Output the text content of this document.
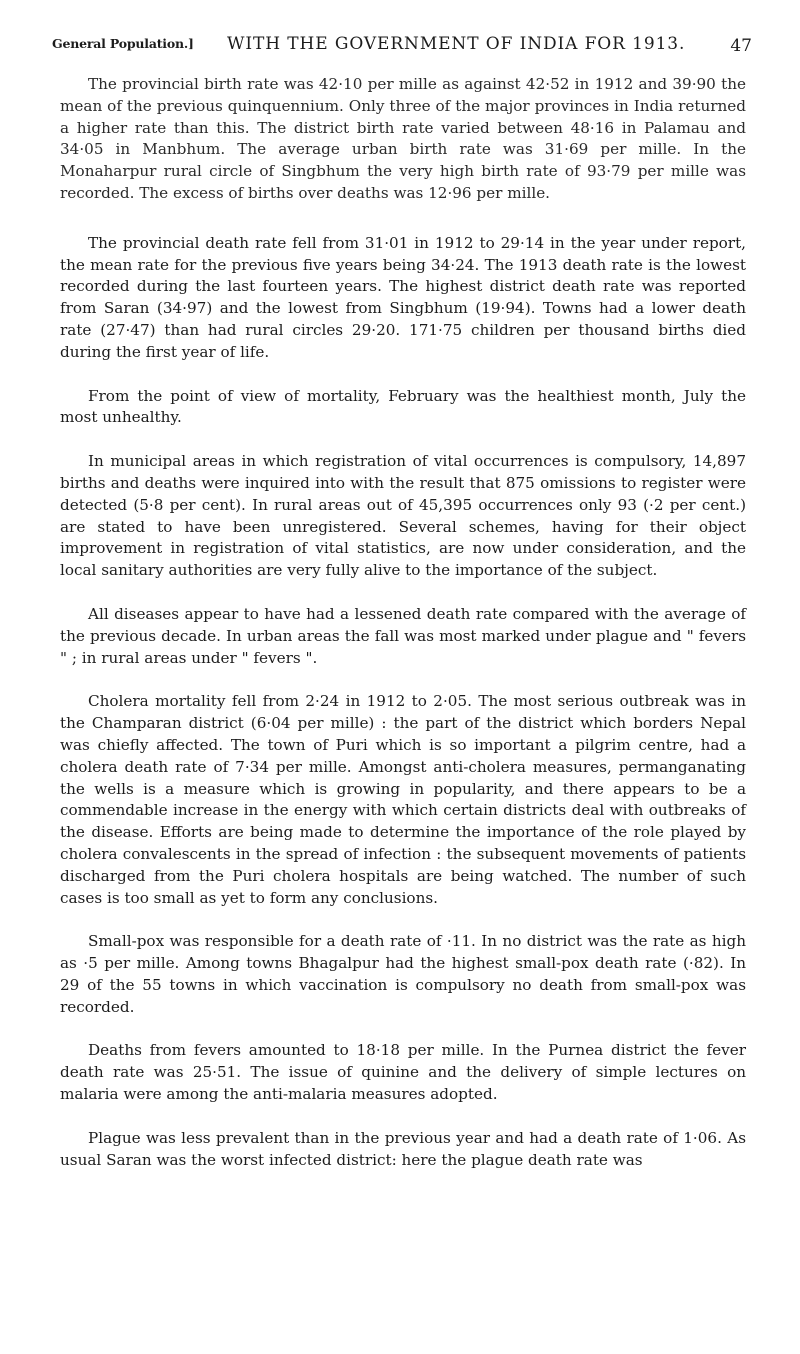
General Population.] WITH THE GOVERNMENT OF INDIA FOR 1913.	47

The provincial birth rate was 42·10 per mille as against 42·52 in 1912 and 39·90 the mean of the previous quinquennium. Only three of the major provinces in India returned a higher rate than this. The district birth rate varied between 48·16 in Palamau and 34·05 in Manbhum. The average urban birth rate was 31·69 per mille. In the Monaharpur rural circle of Singbhum the very high birth rate of 93·79 per mille was recorded. The excess of births over deaths was 12·96 per mille.

The provincial death rate fell from 31·01 in 1912 to 29·14 in the year under report, the mean rate for the previous five years being 34·24. The 1913 death rate is the lowest recorded during the last fourteen years. The highest district death rate was reported from Saran (34·97) and the lowest from Singbhum (19·94). Towns had a lower death rate (27·47) than had rural circles 29·20. 171·75 children per thousand births died during the first year of life.

From the point of view of mortality, February was the healthiest month, July the most unhealthy.

In municipal areas in which registration of vital occurrences is compulsory, 14,897 births and deaths were inquired into with the result that 875 omissions to register were detected (5·8 per cent). In rural areas out of 45,395 occurrences only 93 (·2 per cent.) are stated to have been unregistered. Several schemes, having for their object improvement in registration of vital statistics, are now under consideration, and the local sanitary authorities are very fully alive to the importance of the subject.

All diseases appear to have had a lessened death rate compared with the average of the previous decade. In urban areas the fall was most marked under plague and " fevers " ; in rural areas under " fevers ".

Cholera mortality fell from 2·24 in 1912 to 2·05. The most serious outbreak was in the Champaran district (6·04 per mille) : the part of the district which borders Nepal was chiefly affected. The town of Puri which is so important a pilgrim centre, had a cholera death rate of 7·34 per mille. Amongst anti-cholera measures, permanganating the wells is a measure which is growing in popularity, and there appears to be a commendable increase in the energy with which certain districts deal with outbreaks of the disease. Efforts are being made to determine the importance of the role played by cholera convalescents in the spread of infection : the subsequent movements of patients discharged from the Puri cholera hospitals are being watched. The number of such cases is too small as yet to form any conclusions.

Small-pox was responsible for a death rate of ·11. In no district was the rate as high as ·5 per mille. Among towns Bhagalpur had the highest small-pox death rate (·82). In 29 of the 55 towns in which vaccination is compulsory no death from small-pox was recorded.

Deaths from fevers amounted to 18·18 per mille. In the Purnea district the fever death rate was 25·51. The issue of quinine and the delivery of simple lectures on malaria were among the anti-malaria measures adopted.

Plague was less prevalent than in the previous year and had a death rate of 1·06. As usual Saran was the worst infected district: here the plague death rate was
